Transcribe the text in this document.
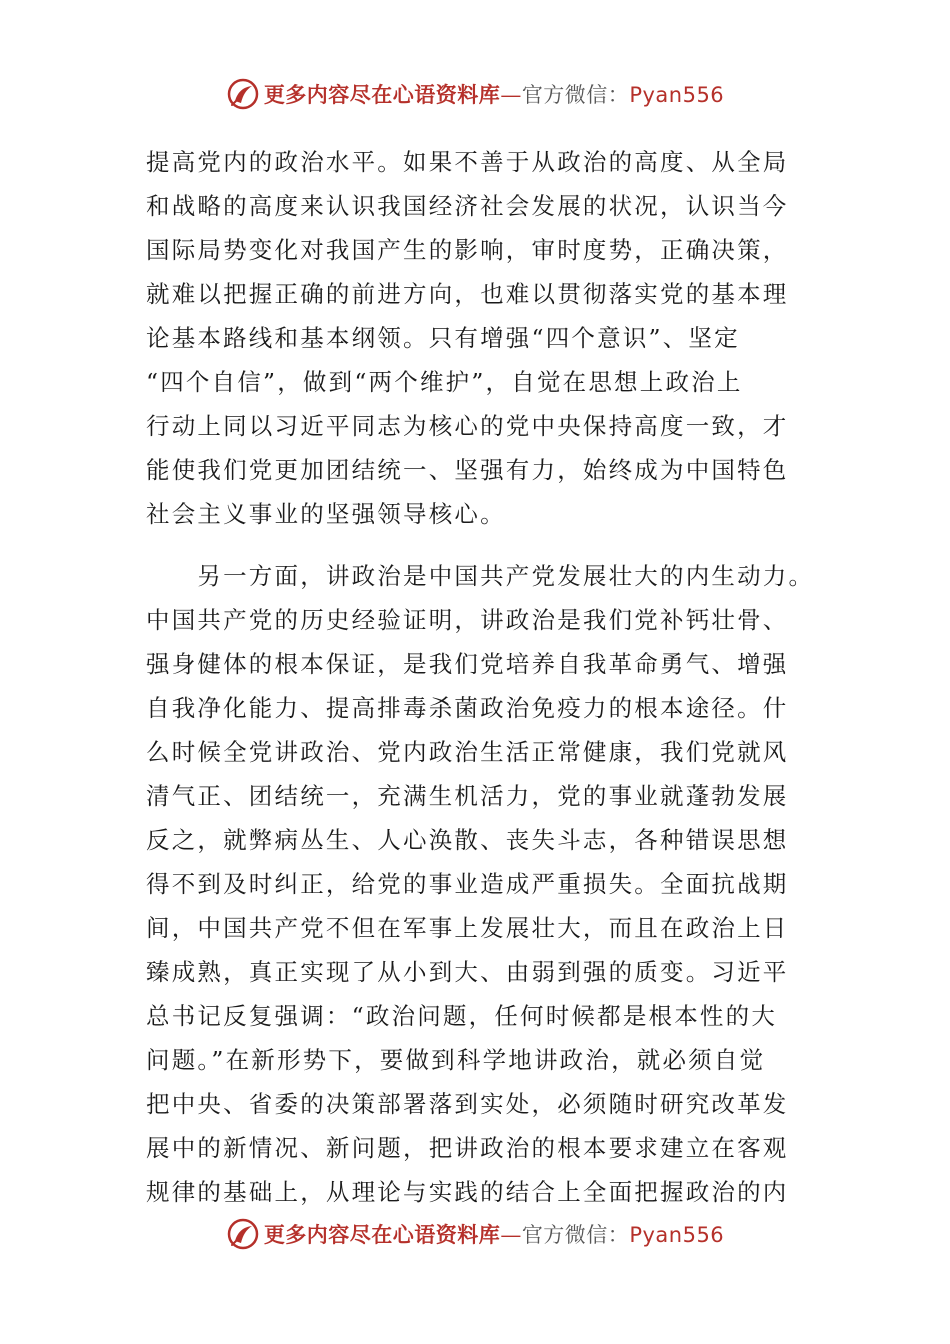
更多内容尽在心语资料库—官方微信：Pyan556
提高党内的政治水平。如果不善于从政治的高度、从全局
和战略的高度来认识我国经济社会发展的状况，认识当今
国际局势变化对我国产生的影响，审时度势，正确决策，
就难以把握正确的前进方向，也难以贯彻落实党的基本理
论基本路线和基本纲领。只有增强“四个意识”、坚定
“四个自信”，做到“两个维护”，自觉在思想上政治上
行动上同以习近平同志为核心的党中央保持高度一致，才
能使我们党更加团结统一、坚强有力，始终成为中国特色
社会主义事业的坚强领导核心。
　　另一方面，讲政治是中国共产党发展壮大的内生动力。
中国共产党的历史经验证明，讲政治是我们党补钙壮骨、
强身健体的根本保证，是我们党培养自我革命勇气、增强
自我净化能力、提高排毒杀菌政治免疫力的根本途径。什
么时候全党讲政治、党内政治生活正常健康，我们党就风
清气正、团结统一，充满生机活力，党的事业就蓬勃发展
反之，就弊病丛生、人心涣散、丧失斗志，各种错误思想
得不到及时纠正，给党的事业造成严重损失。全面抗战期
间，中国共产党不但在军事上发展壮大，而且在政治上日
臻成熟，真正实现了从小到大、由弱到强的质变。习近平
总书记反复强调：“政治问题，任何时候都是根本性的大
问题。”在新形势下，要做到科学地讲政治，就必须自觉
把中央、省委的决策部署落到实处，必须随时研究改革发
展中的新情况、新问题，把讲政治的根本要求建立在客观
规律的基础上，从理论与实践的结合上全面把握政治的内
更多内容尽在心语资料库—官方微信：Pyan556
